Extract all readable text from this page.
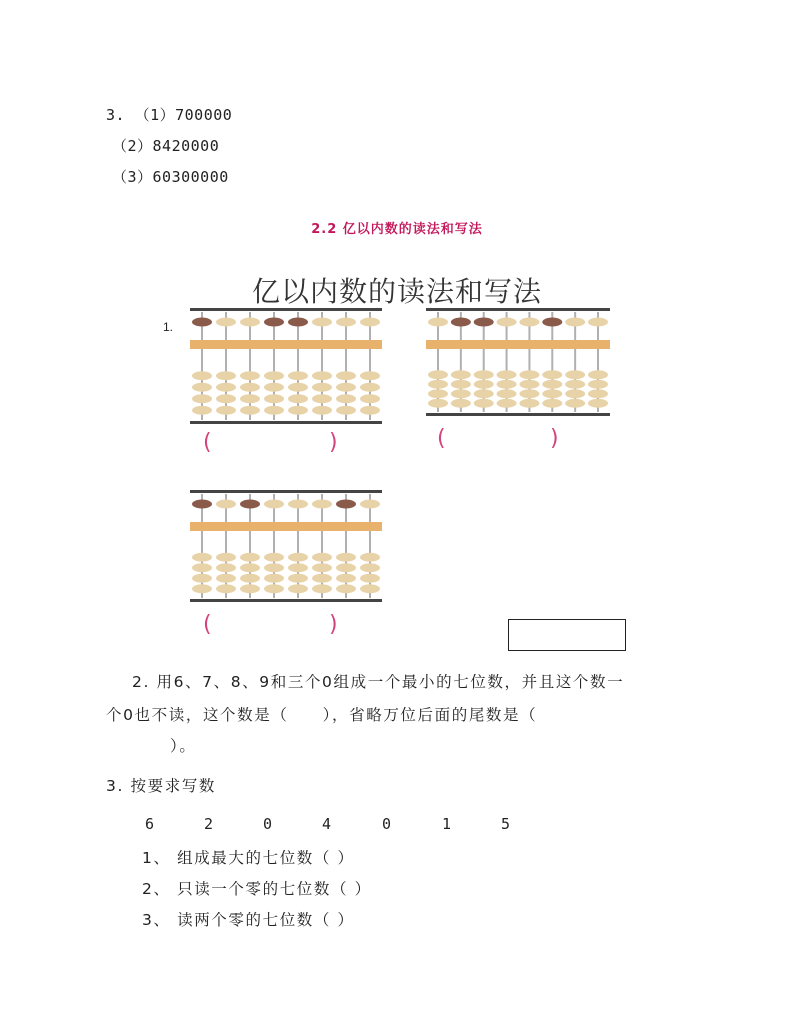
3. （1）700000
（2）8420000
（3）60300000
2.2 亿以内数的读法和写法
亿以内数的读法和写法
1.
(	)	(	)
(	)
2. 用6、7、8、9和三个0组成一个最小的七位数，并且这个数一
个0也不读，这个数是（　　），省略万位后面的尾数是（
）。
3. 按要求写数
6	2	0	4	0	1	5
1、 组成最大的七位数（ ）
2、 只读一个零的七位数（ ）
3、 读两个零的七位数（ ）
